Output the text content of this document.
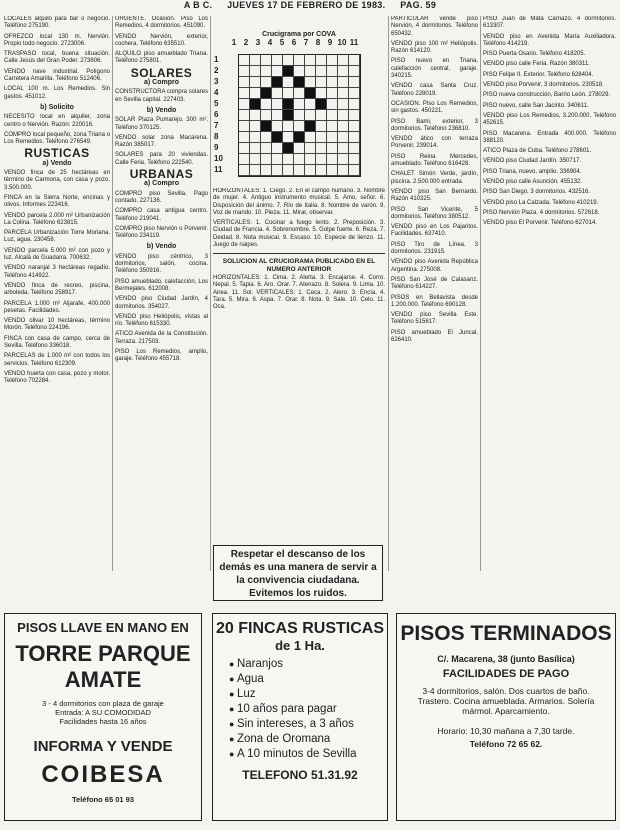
A B C. JUEVES 17 DE FEBRERO DE 1983. PAG. 59

LOCALES alquilo para bar o negocio. Teléfono 275190.

OFREZCO local 130 m. Nervión. Propio todo negocio. 2723006.

TRASPASO local, buena situación. Calle Jesús del Gran Poder. 273806.

VENDO nave industrial. Polígono Carretera Amarilla. Teléfono 512406.

LOCAL 100 m. Los Remedios. Sin gastos. 451012.

b) Solicito

NECESITO local en alquiler, zona centro o Nervión. Razón: 220016.

COMPRO local pequeño, zona Triana o Los Remedios. Teléfono 276549.

RUSTICAS
a) Vendo

VENDO finca de 25 hectáreas en término de Carmona, con casa y pozo. 3.500.000.

FINCA en la Sierra Norte, encinas y olivos. Informes 223416.

VENDO parcela 2.000 m² Urbanización La Colina. Teléfono 623815.

PARCELA Urbanización Torre Moriana. Luz, agua. 230458.

VENDO parcela 5.000 m² con pozo y luz. Alcalá de Guadaíra. 700632.

VENDO naranjal 3 hectáreas regadío. Teléfono 414922.

VENDO finca de recreo, piscina, arboleda. Teléfono 258917.

PARCELA 1.000 m² Aljarafe, 400.000 pesetas. Facilidades.

VENDO olivar 10 hectáreas, término Morón. Teléfono 224196.

FINCA con casa de campo, cerca de Sevilla. Teléfono 336018.

PARCELAS de 1.000 m² con todos los servicios. Teléfono 612309.

VENDO huerta con casa, pozo y motor. Teléfono 702284.

URGENTE. Ocasión. Piso Los Remedios, 4 dormitorios. 451090.

VENDO Nervión, exterior, cochera. Teléfono 635510.

ALQUILO piso amueblado Triana. Teléfono 275801.

SOLARES
a) Compro

CONSTRUCTORA compra solares en Sevilla capital. 227403.

b) Vendo

SOLAR Plaza Pumarejo. 300 m². Teléfono 370125.

VENDO solar zona Macarena. Razón 385017.

SOLARES para 20 viviendas. Calle Feria. Teléfono 222540.

URBANAS
a) Compro

COMPRO piso Sevilla. Pago contado. 227136.

COMPRO casa antigua centro. Teléfono 219041.

COMPRO piso Nervión o Porvenir. Teléfono 234119.

b) Vendo

VENDO piso céntrico, 3 dormitorios, salón, cocina. Teléfono 350916.

PISO amueblado, calefacción, Los Bermejales. 612008.

VENDO piso Ciudad Jardín, 4 dormitorios. 354027.

VENDO piso Heliópolis, vistas al río. Teléfono 615330.

ATICO Avenida de la Constitución. Terraza. 217503.

PISO Los Remedios, amplio, garaje. Teléfono 455718.

Crucigrama por COVA
1 2 3 4 5 6 7 8 9 10 11
1
2
3
4
5
6
7
8
9
10
11

HORIZONTALES: 1. Ciego. 2. En el campo humano. 3. Nombre de mujer. 4. Antiguo instrumento musical. 5. Amo, señor. 6. Disposición del ánimo. 7. Río de Italia. 8. Nombre de varón. 9. Voz de mando. 10. Pieza. 11. Mirar, observar.

VERTICALES: 1. Cocinar a fuego lento. 2. Preposición. 3. Ciudad de Francia. 4. Sobrenombre. 5. Golpe fuerte. 6. Reza. 7. Deidad. 8. Nota musical. 9. Escaso. 10. Especie de lienzo. 11. Juego de naipes.

SOLUCION AL CRUCIGRAMA PUBLICADO EN EL NUMERO ANTERIOR

HORIZONTALES: 1. Cima. 2. Alerta. 3. Encajarse. 4. Corro. Nepal. 5. Tapia. 6. Aro. Orar. 7. Atenazo. 8. Solera. 9. Lima. 10. Airea. 11. Sol. VERTICALES: 1. Ceca. 2. Alero. 3. Encía. 4. Tara. 5. Mira. 6. Aspa. 7. Orar. 8. Nota. 9. Sale. 10. Celo. 11. Oca.

Respetar el descanso de los demás es una manera de servir a la convivencia ciudadana. Evitemos los ruidos.

PARTICULAR vende piso Nervión, 4 dormitorios. Teléfono 650432.

VENDO piso 100 m² Heliópolis. Razón 614120.

PISO nuevo en Triana, calefacción central, garaje. 340215.

VENDO casa Santa Cruz. Teléfono 228019.

OCASION. Piso Los Remedios, sin gastos. 450221.

PISO Bami, exterior, 3 dormitorios. Teléfono 236810.

VENDO ático con terraza Porvenir. 239014.

PISO Reina Mercedes, amueblado. Teléfono 616428.

CHALET Simón Verde, jardín, piscina. 2.500.000 entrada.

VENDO piso San Bernardo. Razón 410325.

PISO San Vicente, 5 dormitorios. Teléfono 380512.

VENDO piso en Los Pajaritos. Facilidades. 637410.

PISO Tiro de Línea. 3 dormitorios. 231915.

VENDO piso Avenida República Argentina. 275008.

PISO San José de Calasanz. Teléfono 614227.

PISOS en Bellavista desde 1.200.000. Teléfono 690128.

VENDO piso Sevilla Este. Teléfono 515617.

PISO amueblado El Juncal. 626410.

PISO Juan de Mata Carriazo. 4 dormitorios. 613307.

VENDO piso en Avenida María Auxiliadora. Teléfono 414219.

PISO Puerta Osario. Teléfono 418205.

VENDO piso calle Feria. Razón 380311.

PISO Felipe II. Exterior. Teléfono 628404.

VENDO piso Porvenir, 3 dormitorios. 230518.

PISO nueva construcción, Barrio León. 278029.

PISO nuevo, calle San Jacinto. 340611.

VENDO piso Los Remedios, 3.200.000. Teléfono 452615.

PISO Macarena. Entrada 400.000. Teléfono 388120.

ATICO Plaza de Cuba. Teléfono 278601.

VENDO piso Ciudad Jardín. 350717.

PISO Triana, nuevo, amplio. 336904.

VENDO piso calle Asunción. 455132.

PISO San Diego, 3 dormitorios. 432516.

VENDO piso La Calzada. Teléfono 410219.

PISO Nervión Plaza. 4 dormitorios. 572618.

VENDO piso El Porvenir. Teléfono 627014.

PISOS LLAVE EN MANO EN
TORRE PARQUE AMATE
3 - 4 dormitorios con plaza de garaje
Entrada: A SU COMODIDAD
Facilidades hasta 16 años
INFORMA Y VENDE
COIBESA
Teléfono 65 01 93
20 FINCAS RUSTICAS
de 1 Ha.
● Naranjos
● Agua
● Luz
● 10 años para pagar
● Sin intereses, a 3 años
● Zona de Oromana
● A 10 minutos de Sevilla
TELEFONO 51.31.92
PISOS TERMINADOS
C/. Macarena, 38 (junto Basílica)
FACILIDADES DE PAGO
3-4 dormitorios, salón. Dos cuartos de baño. Trastero. Cocina amueblada. Armarios. Solería mármol. Aparcamiento.
Horario: 10,30 mañana a 7,30 tarde.
Teléfono 72 65 62.
